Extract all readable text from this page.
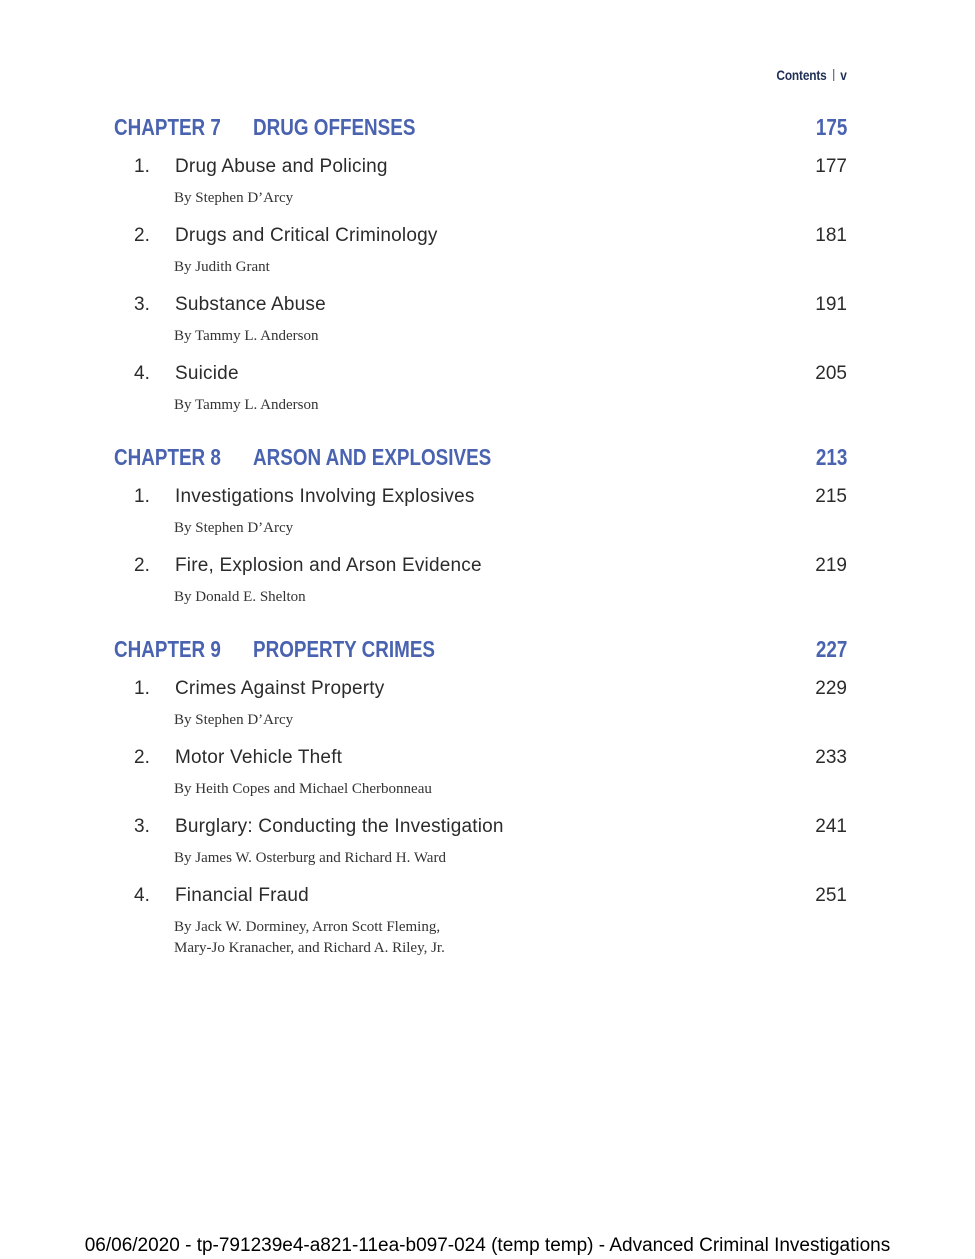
Contents v
CHAPTER 7 DRUG OFFENSES	175
1. Drug Abuse and Policing	177
By Stephen D’Arcy
2. Drugs and Critical Criminology	181
By Judith Grant
3. Substance Abuse	191
By Tammy L. Anderson
4. Suicide	205
By Tammy L. Anderson
CHAPTER 8 ARSON AND EXPLOSIVES	213
1. Investigations Involving Explosives	215
By Stephen D’Arcy
2. Fire, Explosion and Arson Evidence	219
By Donald E. Shelton
CHAPTER 9 PROPERTY CRIMES	227
1. Crimes Against Property	229
By Stephen D’Arcy
2. Motor Vehicle Theft	233
By Heith Copes and Michael Cherbonneau
3. Burglary: Conducting the Investigation	241
By James W. Osterburg and Richard H. Ward
4. Financial Fraud	251
By Jack W. Dorminey, Arron Scott Fleming,
Mary-Jo Kranacher, and Richard A. Riley, Jr.
06/06/2020 - tp-791239e4-a821-11ea-b097-024 (temp temp) - Advanced Criminal Investigations
